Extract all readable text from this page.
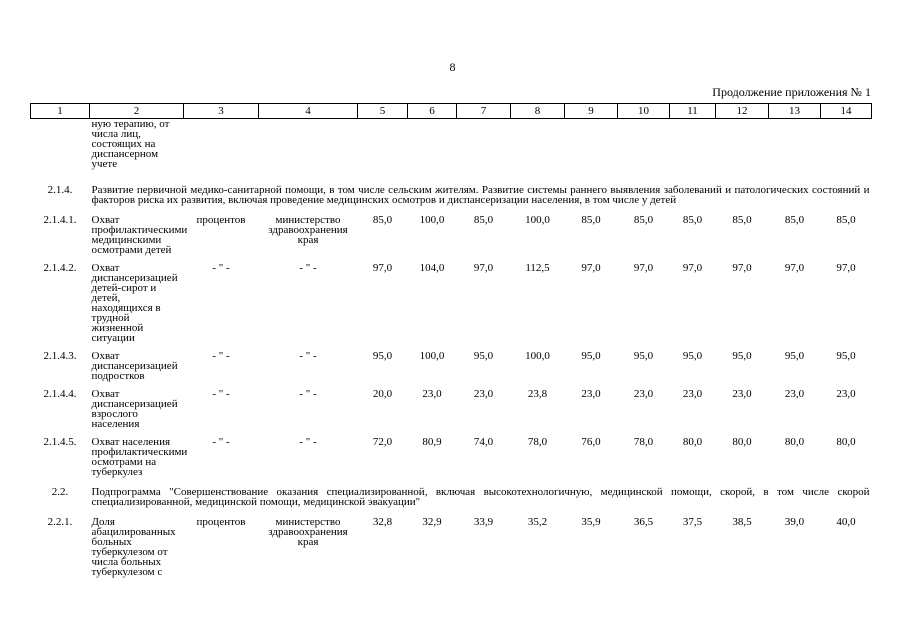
8
Продолжение приложения № 1
1	2	3	4	5	6	7	8	9	10	11	12	13	14
	ную терапию, от числа лиц, состоящих на диспансерном учете												
2.1.4.	Развитие первичной медико-санитарной помощи, в том числе сельским жителям. Развитие системы раннего выявления заболеваний и патологических состояний и факторов риска их развития, включая проведение медицинских осмотров и диспансеризации населения, в том числе у детей												
2.1.4.1.	Охват профилактическими медицинскими осмотрами детей	процентов	министерство здравоохранения края	85,0	100,0	85,0	100,0	85,0	85,0	85,0	85,0	85,0	85,0
2.1.4.2.	Охват диспансеризацией детей-сирот и детей, находящихся в трудной жизненной ситуации	- " -	- " -	97,0	104,0	97,0	112,5	97,0	97,0	97,0	97,0	97,0	97,0
2.1.4.3.	Охват диспансеризацией подростков	- " -	- " -	95,0	100,0	95,0	100,0	95,0	95,0	95,0	95,0	95,0	95,0
2.1.4.4.	Охват диспансеризацией взрослого населения	- " -	- " -	20,0	23,0	23,0	23,8	23,0	23,0	23,0	23,0	23,0	23,0
2.1.4.5.	Охват населения профилактическими осмотрами на туберкулез	- " -	- " -	72,0	80,9	74,0	78,0	76,0	78,0	80,0	80,0	80,0	80,0
2.2.	Подпрограмма "Совершенствование оказания специализированной, включая высокотехнологичную, медицинской помощи, скорой, в том числе скорой специализированной, медицинской помощи, медицинской эвакуации"												
2.2.1.	Доля абацилированных больных туберкулезом от числа больных туберкулезом с	процентов	министерство здравоохранения края	32,8	32,9	33,9	35,2	35,9	36,5	37,5	38,5	39,0	40,0
